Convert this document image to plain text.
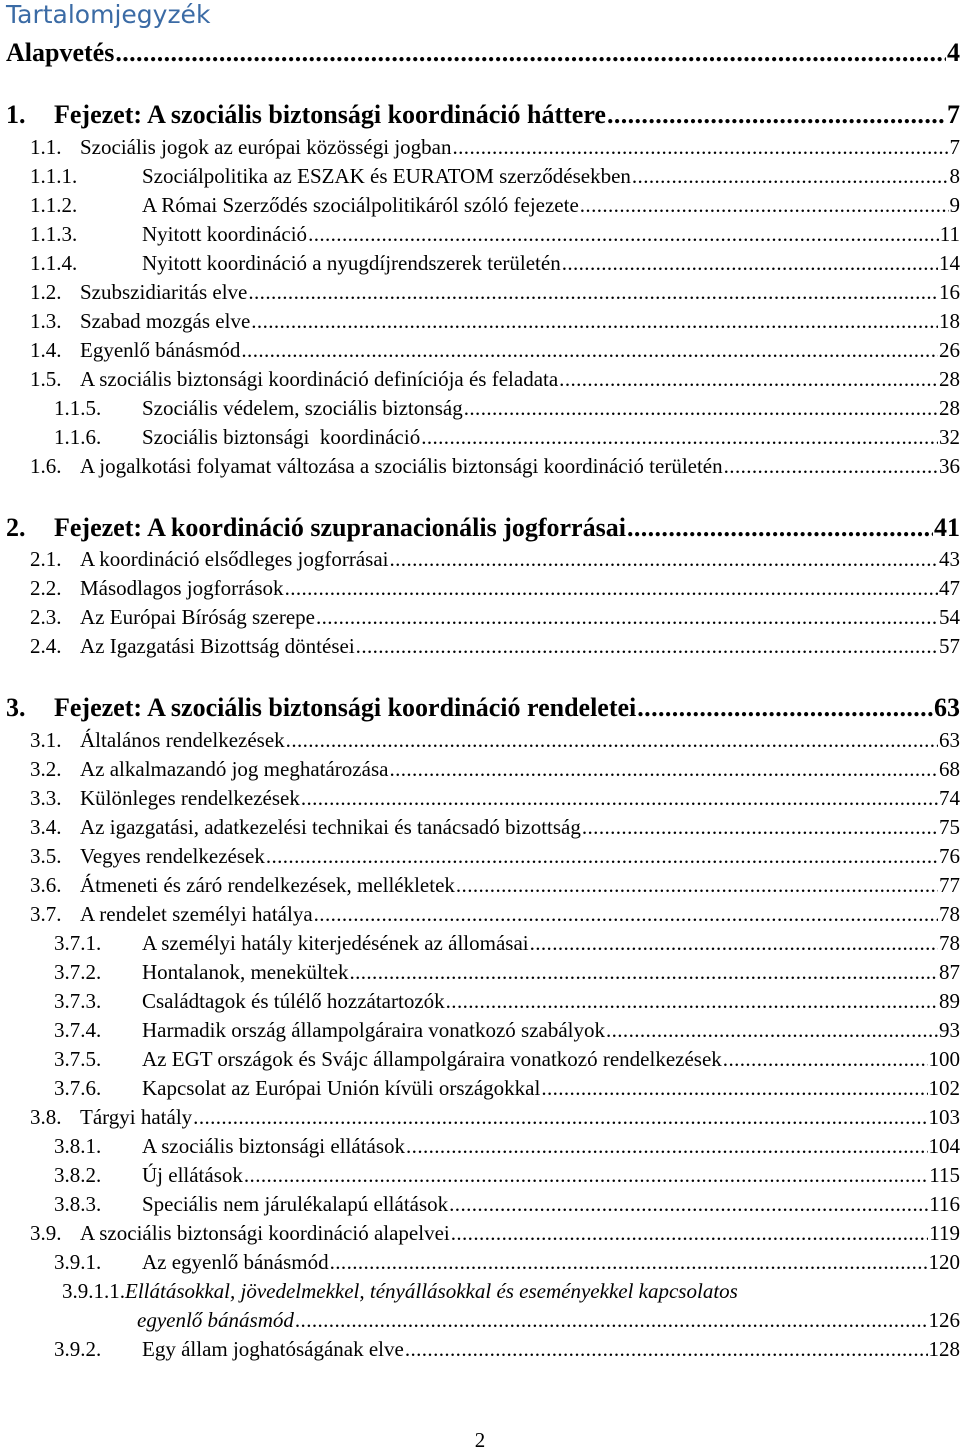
Tartalomjegyzék
Alapvetés .....	4
1.	Fejezet: A szociális biztonsági koordináció háttere .....	7
1.1. Szociális jogok az európai közösségi jogban .....	7
1.1.1.	Szociálpolitika az ESZAK és EURATOM szerződésekben .....	8
1.1.2.	A Római Szerződés szociálpolitikáról szóló fejezete .....	9
1.1.3.	Nyitott koordináció .....	11
1.1.4.	Nyitott koordináció a nyugdíjrendszerek területén .....	14
1.2. Szubszidiaritás elve .....	16
1.3. Szabad mozgás elve .....	18
1.4. Egyenlő bánásmód .....	26
1.5. A szociális biztonsági koordináció definíciója és feladata .....	28
1.1.5.	Szociális védelem, szociális biztonság .....	28
1.1.6.	Szociális biztonsági  koordináció .....	32
1.6. A jogalkotási folyamat változása a szociális biztonsági koordináció területén .....	36
2.	Fejezet: A koordináció szupranacionális jogforrásai .....	41
2.1. A koordináció elsődleges jogforrásai .....	43
2.2. Másodlagos jogforrások .....	47
2.3. Az Európai Bíróság szerepe .....	54
2.4. Az Igazgatási Bizottság döntései .....	57
3.	Fejezet: A szociális biztonsági koordináció rendeletei .....	63
3.1. Általános rendelkezések .....	63
3.2. Az alkalmazandó jog meghatározása .....	68
3.3. Különleges rendelkezések .....	74
3.4. Az igazgatási, adatkezelési technikai és tanácsadó bizottság .....	75
3.5. Vegyes rendelkezések .....	76
3.6. Átmeneti és záró rendelkezések, mellékletek .....	77
3.7. A rendelet személyi hatálya .....	78
3.7.1.	A személyi hatály kiterjedésének az állomásai .....	78
3.7.2.	Hontalanok, menekültek .....	87
3.7.3.	Családtagok és túlélő hozzátartozók .....	89
3.7.4.	Harmadik ország állampolgáraira vonatkozó szabályok .....	93
3.7.5.	Az EGT országok és Svájc állampolgáraira vonatkozó rendelkezések .....	100
3.7.6.	Kapcsolat az Európai Unión kívüli országokkal .....	102
3.8. Tárgyi hatály .....	103
3.8.1.	A szociális biztonsági ellátások .....	104
3.8.2.	Új ellátások .....	115
3.8.3.	Speciális nem járulékalapú ellátások .....	116
3.9. A szociális biztonsági koordináció alapelvei .....	119
3.9.1.	Az egyenlő bánásmód .....	120
3.9.1.1.Ellátásokkal, jövedelmekkel, tényállásokkal és eseményekkel kapcsolatos
egyenlő bánásmód .....	126
3.9.2.	Egy állam joghatóságának elve .....	128
2
